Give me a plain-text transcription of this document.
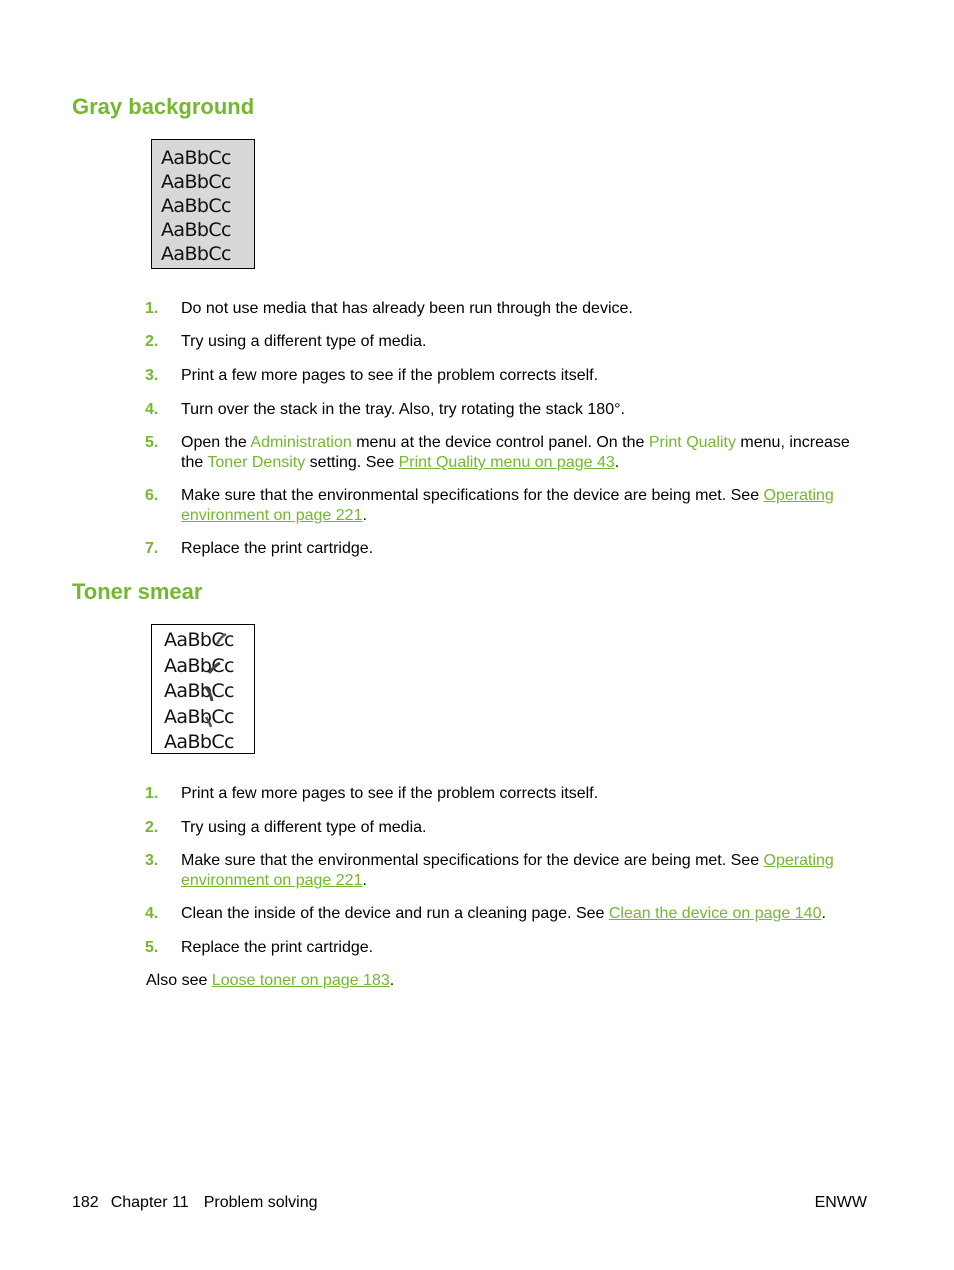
Gray background
AaBbCc
AaBbCc
AaBbCc
AaBbCc
AaBbCc
1. Do not use media that has already been run through the device.
2. Try using a different type of media.
3. Print a few more pages to see if the problem corrects itself.
4. Turn over the stack in the tray. Also, try rotating the stack 180°.
5. Open the Administration menu at the device control panel. On the Print Quality menu, increase the Toner Density setting. See Print Quality menu on page 43.
6. Make sure that the environmental specifications for the device are being met. See Operating environment on page 221.
7. Replace the print cartridge.
Toner smear
AaBbCc
AaBbCc
AaBbCc
AaBbCc
AaBbCc
1. Print a few more pages to see if the problem corrects itself.
2. Try using a different type of media.
3. Make sure that the environmental specifications for the device are being met. See Operating environment on page 221.
4. Clean the inside of the device and run a cleaning page. See Clean the device on page 140.
5. Replace the print cartridge.
Also see Loose toner on page 183.
182 Chapter 11 Problem solving	ENWW
